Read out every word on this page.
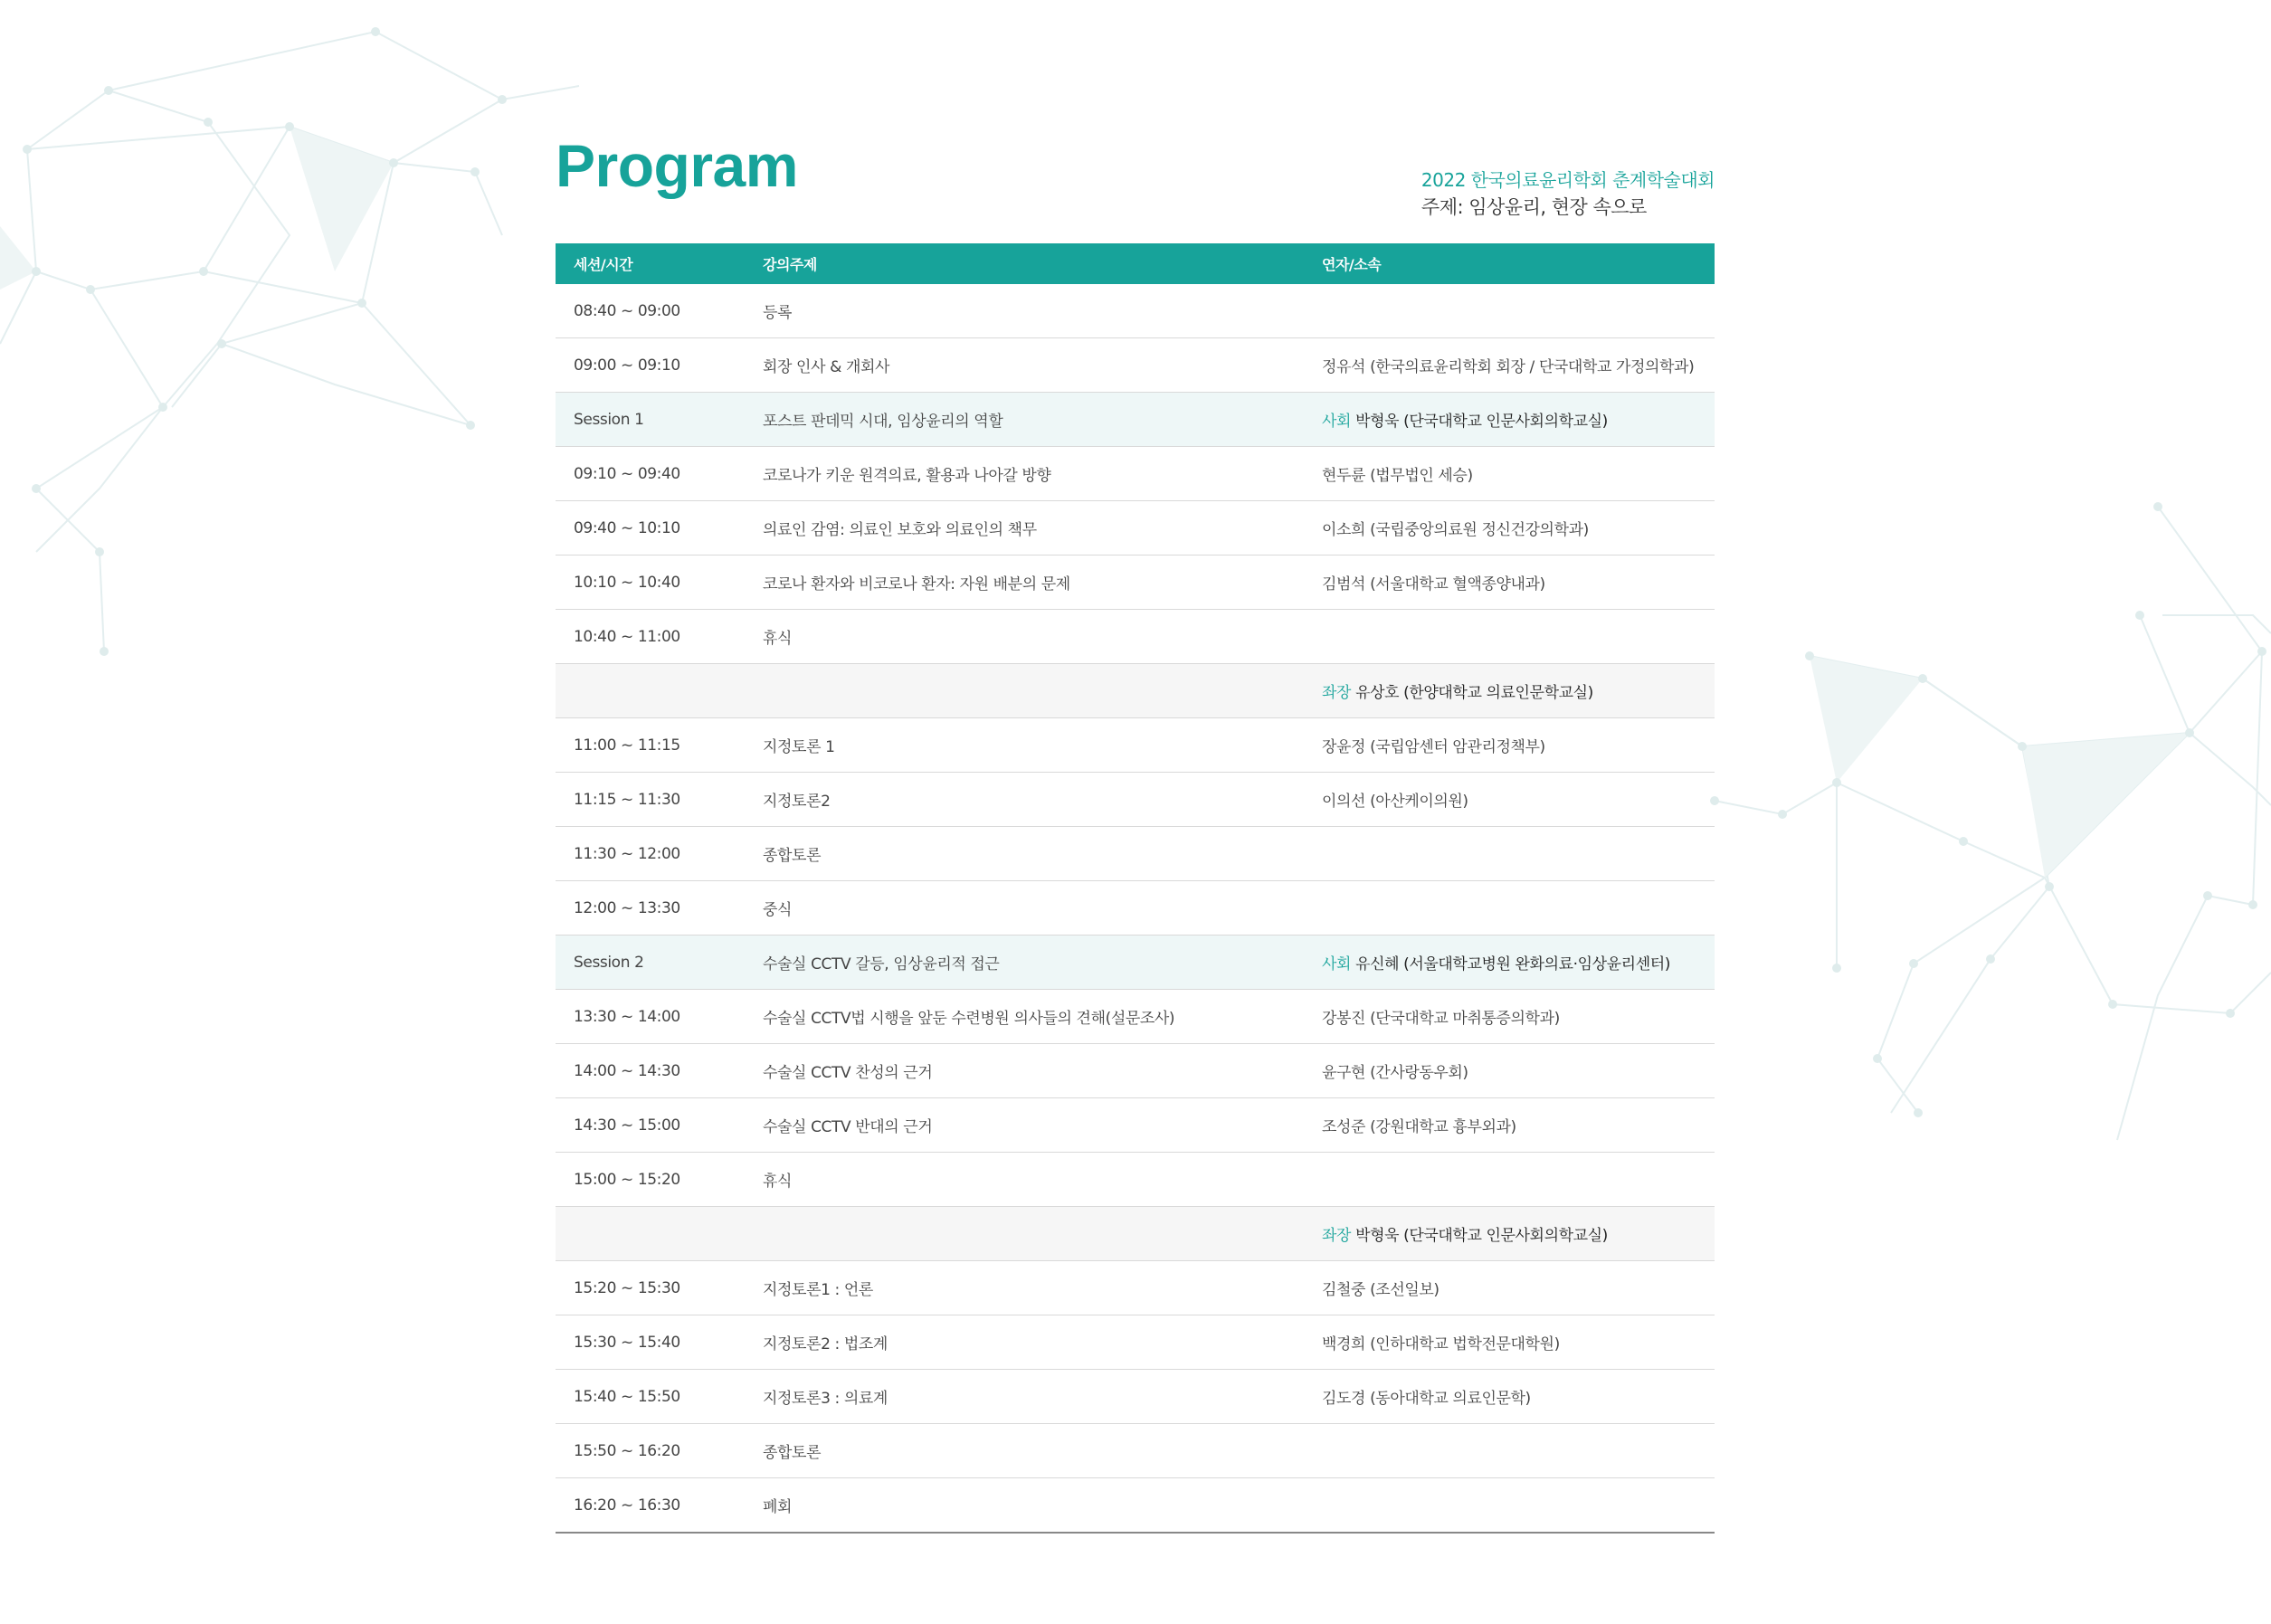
Program	2022 한국의료윤리학회 춘계학술대회
주제: 임상윤리, 현장 속으로
세션/시간	강의주제	연자/소속
08:40 ~ 09:00	등록	
09:00 ~ 09:10	회장 인사 & 개회사	정유석 (한국의료윤리학회 회장 / 단국대학교 가정의학과)
Session 1	포스트 판데믹 시대, 임상윤리의 역할	사회 박형욱 (단국대학교 인문사회의학교실)
09:10 ~ 09:40	코로나가 키운 원격의료, 활용과 나아갈 방향	현두륜 (법무법인 세승)
09:40 ~ 10:10	의료인 감염: 의료인 보호와 의료인의 책무	이소희 (국립중앙의료원 정신건강의학과)
10:10 ~ 10:40	코로나 환자와 비코로나 환자: 자원 배분의 문제	김범석 (서울대학교 혈액종양내과)
10:40 ~ 11:00	휴식	
		좌장 유상호 (한양대학교 의료인문학교실)
11:00 ~ 11:15	지정토론 1	장윤정 (국립암센터 암관리정책부)
11:15 ~ 11:30	지정토론2	이의선 (아산케이의원)
11:30 ~ 12:00	종합토론	
12:00 ~ 13:30	중식	
Session 2	수술실 CCTV 갈등, 임상윤리적 접근	사회 유신혜 (서울대학교병원 완화의료·임상윤리센터)
13:30 ~ 14:00	수술실 CCTV법 시행을 앞둔 수련병원 의사들의 견해(설문조사)	강봉진 (단국대학교 마취통증의학과)
14:00 ~ 14:30	수술실 CCTV 찬성의 근거	윤구현 (간사랑동우회)
14:30 ~ 15:00	수술실 CCTV 반대의 근거	조성준 (강원대학교 흉부외과)
15:00 ~ 15:20	휴식	
		좌장 박형욱 (단국대학교 인문사회의학교실)
15:20 ~ 15:30	지정토론1 : 언론	김철중 (조선일보)
15:30 ~ 15:40	지정토론2 : 법조계	백경희 (인하대학교 법학전문대학원)
15:40 ~ 15:50	지정토론3 : 의료계	김도경 (동아대학교 의료인문학)
15:50 ~ 16:20	종합토론	
16:20 ~ 16:30	폐회	
